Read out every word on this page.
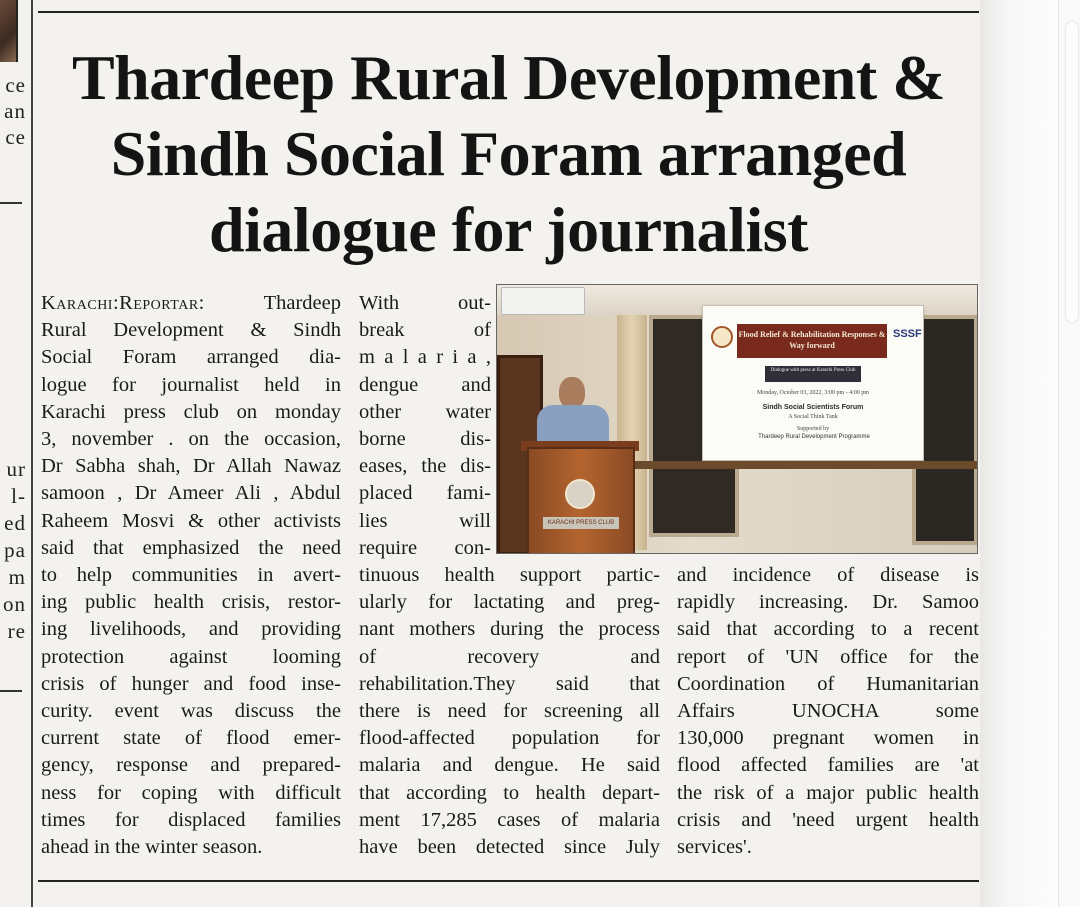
ce
an
ce
ur
l-
ed
pa
m
on
re
Thardeep Rural Development &
Sindh Social Foram arranged
dialogue for journalist
Karachi:Reportar:	Thardeep
Rural Development & Sindh
Social Foram arranged dia-
logue for journalist held in
Karachi press club on monday
3, november . on the occasion,
Dr Sabha shah, Dr Allah Nawaz
samoon , Dr Ameer Ali , Abdul
Raheem Mosvi & other activists
said that emphasized the need
to help communities in avert-
ing public health crisis, restor-
ing livelihoods, and providing
protection against looming
crisis of hunger and food inse-
curity. event was discuss the
current state of flood emer-
gency, response and prepared-
ness for coping with difficult
times for displaced families
ahead in the winter season.
With out-
break of
m a l a r i a ,
dengue and
other water
borne dis-
eases, the dis-
placed fami-
lies will
require con-
Flood Relief & Rehabilitation Responses & Way forward
SSSF
Dialogue with press at Karachi Press Club
Monday, October 03, 2022, 3:00 pm - 4:00 pm
Sindh Social Scientists Forum
A Social Think Tank
Supported by
Thardeep Rural Development Programme
KARACHI PRESS CLUB
tinuous health support partic-
ularly for lactating and preg-
nant mothers during the process
of recovery and
rehabilitation.They said that
there is need for screening all
flood-affected population for
malaria and dengue. He said
that according to health depart-
ment 17,285 cases of malaria
have been detected since July
and incidence of disease is
rapidly increasing. Dr. Samoo
said that according to a recent
report of 'UN office for the
Coordination of Humanitarian
Affairs UNOCHA some
130,000 pregnant women in
flood affected families are 'at
the risk of a major public health
crisis and 'need urgent health
services'.
